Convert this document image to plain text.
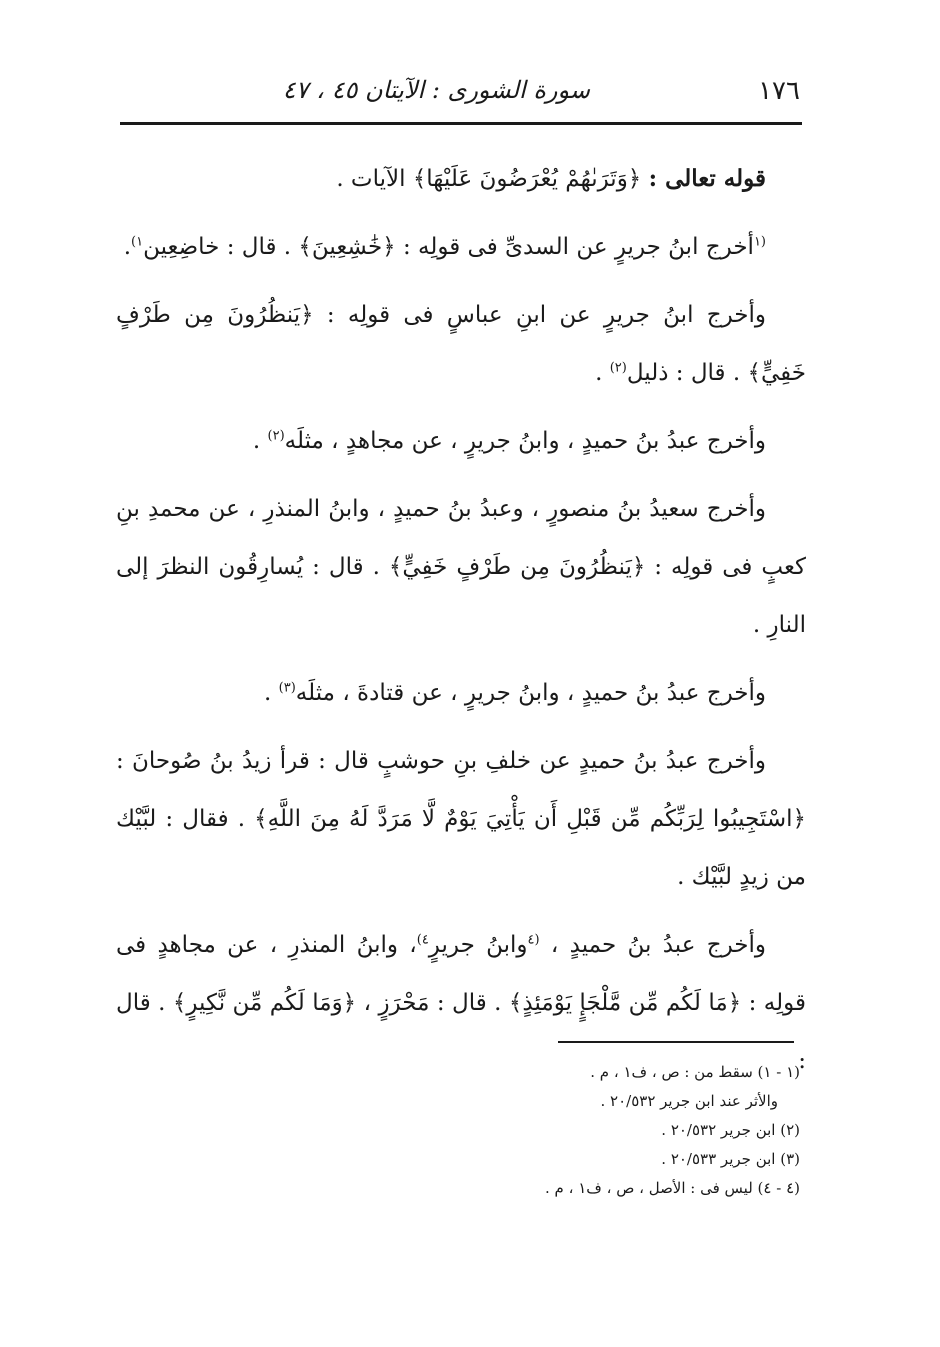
١٧٦
سورة الشورى : الآيتان ٤٥ ، ٤٧

قوله تعالى : ﴿وَتَرَىٰهُمْ يُعْرَضُونَ عَلَيْهَا﴾ الآيات .

$^{(١}$أخرج ابنُ جريرٍ عن السدىِّ فى قولِه : ﴿خَٰشِعِينَ﴾ . قال : خاضِعِين$^{١)}$.

وأخرج ابنُ جريرٍ عن ابنِ عباسٍ فى قولِه : ﴿يَنظُرُونَ مِن طَرْفٍ خَفِيٍّ﴾ . قال : ذليل$^{(٢)}$ .

وأخرج عبدُ بنُ حميدٍ ، وابنُ جريرٍ ، عن مجاهدٍ ، مثلَه$^{(٢)}$ .

وأخرج سعيدُ بنُ منصورٍ ، وعبدُ بنُ حميدٍ ، وابنُ المنذرِ ، عن محمدِ بنِ كعبٍ فى قولِه : ﴿يَنظُرُونَ مِن طَرْفٍ خَفِيٍّ﴾ . قال : يُسارِقُون النظرَ إلى النارِ .

وأخرج عبدُ بنُ حميدٍ ، وابنُ جريرٍ ، عن قتادةَ ، مثلَه$^{(٣)}$ .

وأخرج عبدُ بنُ حميدٍ عن خلفِ بنِ حوشبٍ قال : قرأ زيدُ بنُ صُوحانَ : ﴿اسْتَجِيبُوا لِرَبِّكُم مِّن قَبْلِ أَن يَأْتِيَ يَوْمٌ لَّا مَرَدَّ لَهُ مِنَ اللَّهِ﴾ . فقال : لبَّيْك من زيدٍ لبَّيْك .

وأخرج عبدُ بنُ حميدٍ ، $^{(٤}$وابنُ جريرٍ$^{٤)}$، وابنُ المنذرِ ، عن مجاهدٍ فى قولِه : ﴿مَا لَكُم مِّن مَّلْجَإٍ يَوْمَئِذٍ﴾ . قال : مَحْرَزٍ ، ﴿وَمَا لَكُم مِّن نَّكِيرٍ﴾ . قال :

(١ - ١) سقط من : ص ، ف١ ، م .

والأثر عند ابن جرير ٢٠/٥٣٢ .

(٢) ابن جرير ٢٠/٥٣٢ .

(٣) ابن جرير ٢٠/٥٣٣ .

(٤ - ٤) ليس فى : الأصل ، ص ، ف١ ، م .
